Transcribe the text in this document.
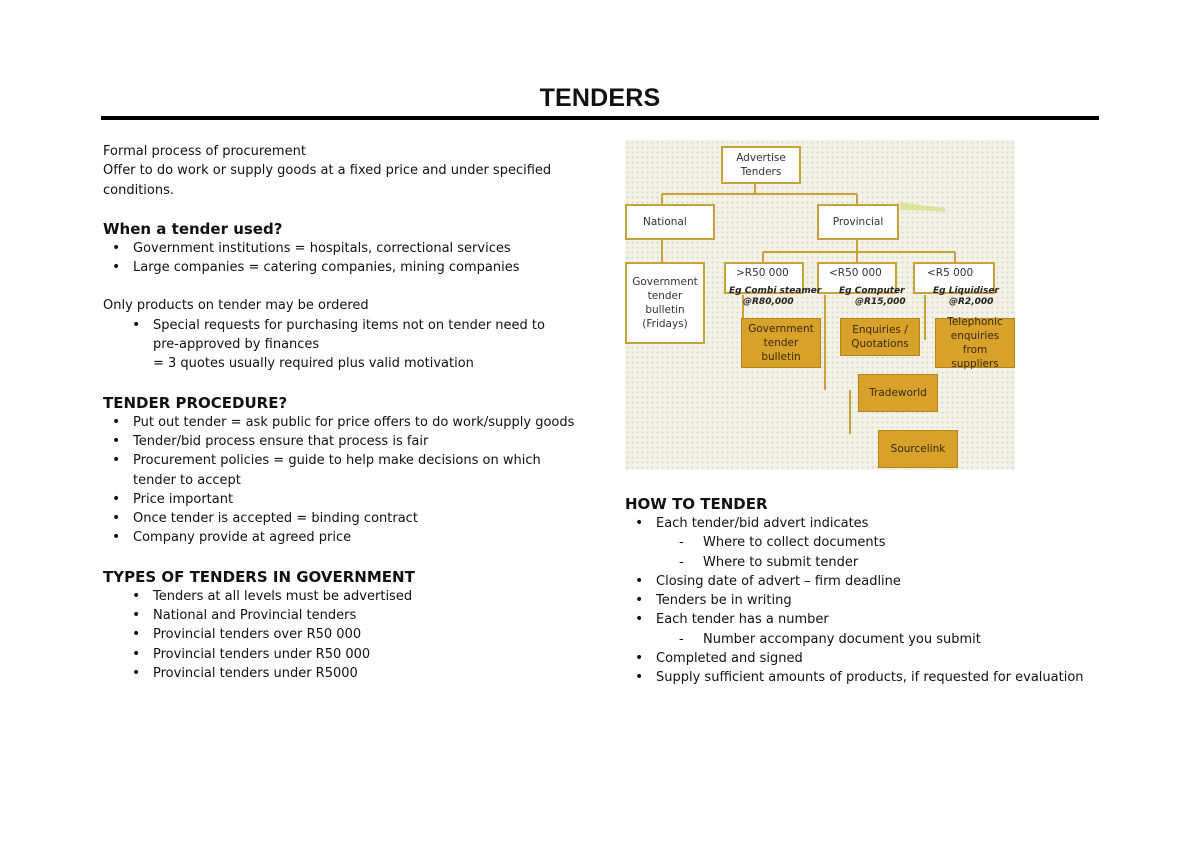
TENDERS

Formal process of procurement

Offer to do work or supply goods at a fixed price and under specified conditions.

When a tender used?

• Government institutions = hospitals, correctional services
• Large companies = catering companies, mining companies

Only products on tender may be ordered

• Special requests for purchasing items not on tender need to pre-approved by finances

= 3 quotes usually required plus valid motivation

TENDER PROCEDURE?

• Put out tender = ask public for price offers to do work/supply goods
• Tender/bid process ensure that process is fair
• Procurement policies = guide to help make decisions on which tender to accept
• Price important
• Once tender is accepted = binding contract
• Company provide at agreed price

TYPES OF TENDERS IN GOVERNMENT

• Tenders at all levels must be advertised
• National and Provincial tenders
• Provincial tenders over R50 000
• Provincial tenders under R50 000
• Provincial tenders under R5000
Advertise Tenders
National	Provincial
Government tender bulletin (Fridays)
>R50 000	<R50 000	<R5 000
Eg Combi steamer
@R80,000
Eg Computer
@R15,000
Eg Liquidiser
@R2,000
Government tender bulletin
Enquiries / Quotations
Telephonic enquiries from suppliers
Tradeworld
Sourcelink

HOW TO TENDER

• Each tender/bid advert indicates
- Where to collect documents
- Where to submit tender
• Closing date of advert – firm deadline
• Tenders be in writing
• Each tender has a number
- Number accompany document you submit
• Completed and signed
• Supply sufficient amounts of products, if requested for evaluation
